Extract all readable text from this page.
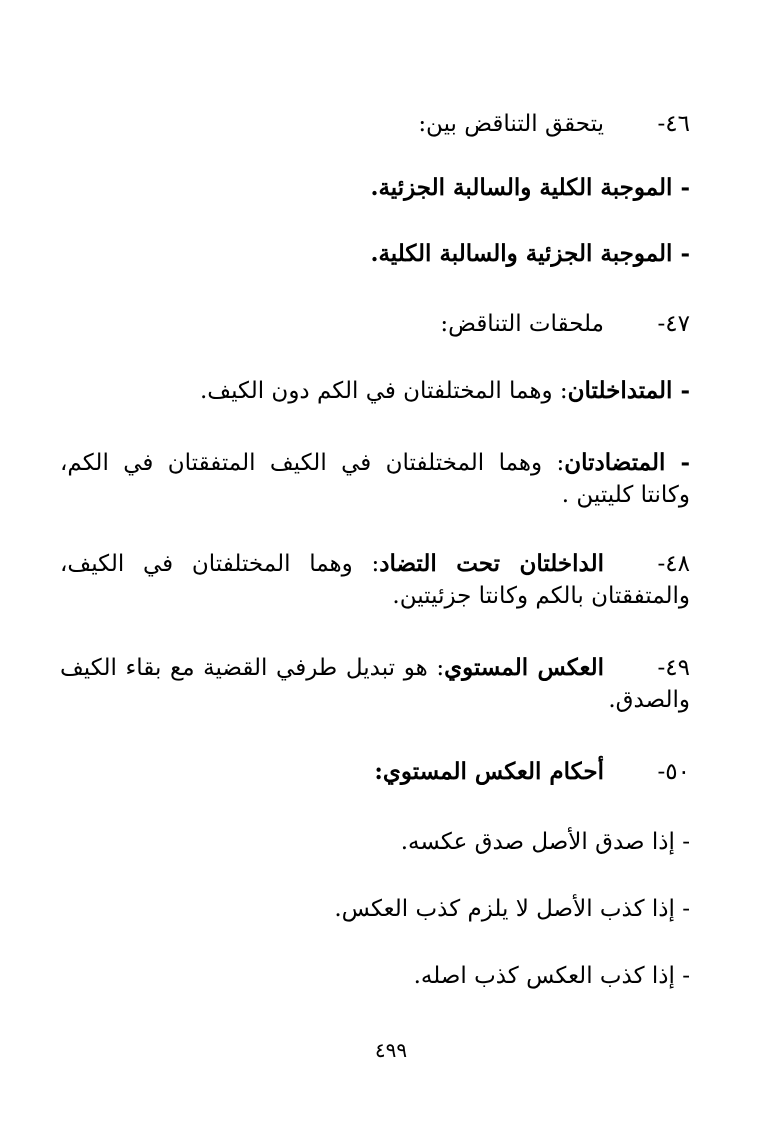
٤٦-يتحقق التناقض بين:
- الموجبة الكلية والسالبة الجزئية.
- الموجبة الجزئية والسالبة الكلية.
٤٧-ملحقات التناقض:
- المتداخلتان: وهما المختلفتان في الكم دون الكيف.
- المتضادتان: وهما المختلفتان في الكيف المتفقتان في الكم، وكانتا كليتين .
٤٨-الداخلتان تحت التضاد: وهما المختلفتان في الكيف، والمتفقتان بالكم وكانتا جزئيتين.
٤٩-العكس المستوي: هو تبديل طرفي القضية مع بقاء الكيف والصدق.
٥٠-أحكام العكس المستوي:
- إذا صدق الأصل صدق عكسه.
- إذا كذب الأصل لا يلزم كذب العكس.
- إذا كذب العكس كذب اصله.
٤٩٩
